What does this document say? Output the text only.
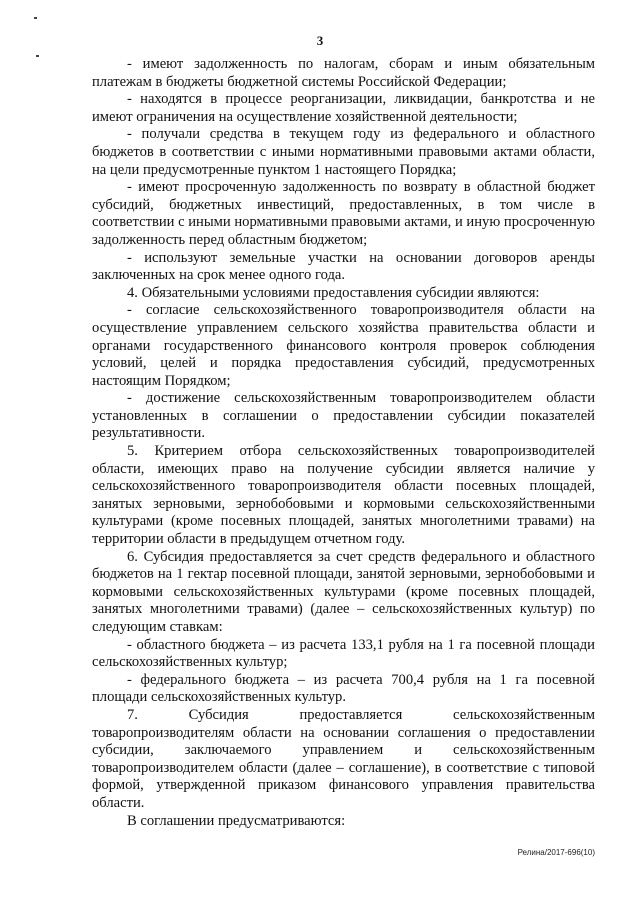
3

- имеют задолженность по налогам, сборам и иным обязательным платежам в бюджеты бюджетной системы Российской Федерации;

- находятся в процессе реорганизации, ликвидации, банкротства и не имеют ограничения на осуществление хозяйственной деятельности;

- получали средства в текущем году из федерального и областного бюджетов в соответствии с иными нормативными правовыми актами области, на цели предусмотренные пунктом 1 настоящего Порядка;

- имеют просроченную задолженность по возврату в областной бюджет субсидий, бюджетных инвестиций, предоставленных, в том числе в соответствии с иными нормативными правовыми актами, и иную просроченную задолженность перед областным бюджетом;

- используют земельные участки на основании договоров аренды заключенных на срок менее одного года.

4. Обязательными условиями предоставления субсидии являются:

- согласие сельскохозяйственного товаропроизводителя области на осуществление управлением сельского хозяйства правительства области и органами государственного финансового контроля проверок соблюдения условий, целей и порядка предоставления субсидий, предусмотренных настоящим Порядком;

- достижение сельскохозяйственным товаропроизводителем области установленных в соглашении о предоставлении субсидии показателей результативности.

5. Критерием отбора сельскохозяйственных товаропроизводителей области, имеющих право на получение субсидии является наличие у сельскохозяйственного товаропроизводителя области посевных площадей, занятых зерновыми, зернобобовыми и кормовыми сельскохозяйственными культурами (кроме посевных площадей, занятых многолетними травами) на территории области в предыдущем отчетном году.

6. Субсидия предоставляется за счет средств федерального и областного бюджетов на 1 гектар посевной площади, занятой зерновыми, зернобобовыми и кормовыми сельскохозяйственных культурами (кроме посевных площадей, занятых многолетними травами) (далее – сельскохозяйственных культур) по следующим ставкам:

- областного бюджета – из расчета 133,1 рубля на 1 га посевной площади сельскохозяйственных культур;

- федерального бюджета – из расчета 700,4 рубля на 1 га посевной площади сельскохозяйственных культур.

7. Субсидия предоставляется сельскохозяйственным товаропроизводителям области на основании соглашения о предоставлении субсидии, заключаемого управлением и сельскохозяйственным товаропроизводителем области (далее – соглашение), в соответствие с типовой формой, утвержденной приказом финансового управления правительства области.

В соглашении предусматриваются:

Релина/2017-696(10)
